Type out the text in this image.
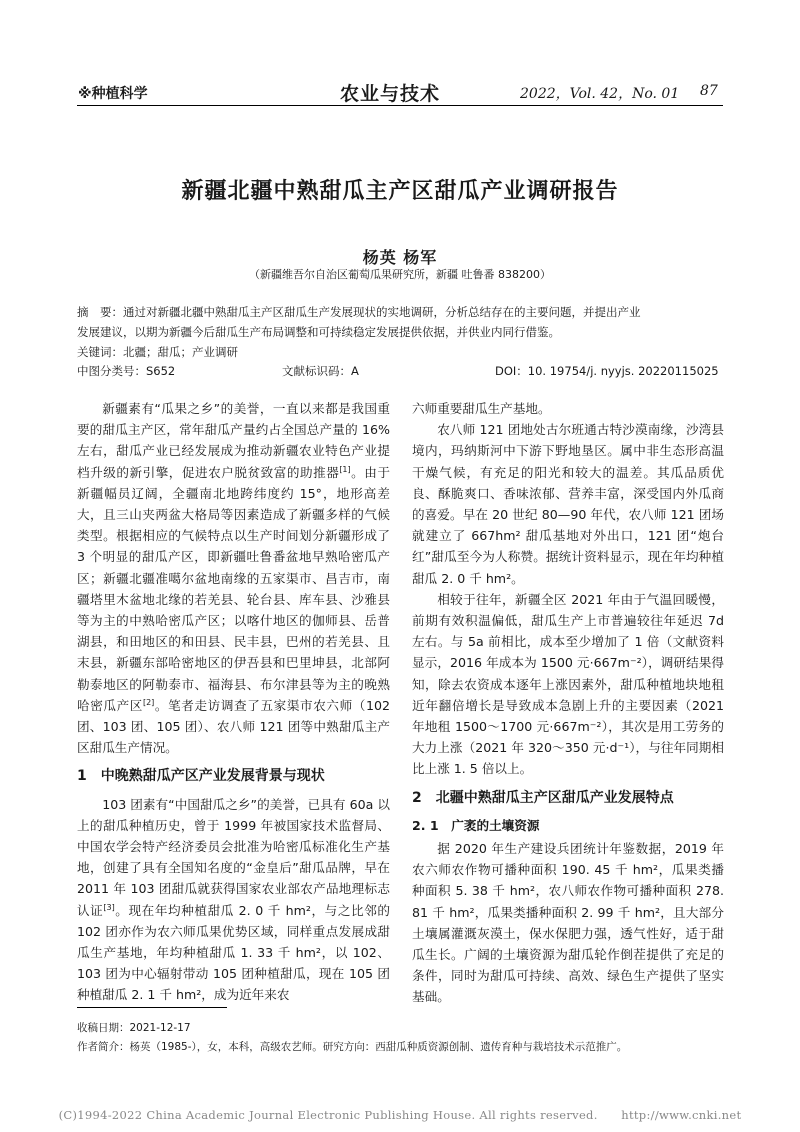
※种植科学	农业与技术	2022，Vol. 42，No. 01 87
新疆北疆中熟甜瓜主产区甜瓜产业调研报告
杨英 杨军
（新疆维吾尔自治区葡萄瓜果研究所，新疆 吐鲁番 838200）
摘　要：通过对新疆北疆中熟甜瓜主产区甜瓜生产发展现状的实地调研，分析总结存在的主要问题，并提出产业
发展建议，以期为新疆今后甜瓜生产布局调整和可持续稳定发展提供依据，并供业内同行借鉴。
关键词：北疆；甜瓜；产业调研
中图分类号：S652	文献标识码：A	DOI：10. 19754/j. nyyjs. 20220115025

新疆素有“瓜果之乡”的美誉，一直以来都是我国重要的甜瓜主产区，常年甜瓜产量约占全国总产量的 16%左右，甜瓜产业已经发展成为推动新疆农业特色产业提档升级的新引擎，促进农户脱贫致富的助推器[1]。由于新疆幅员辽阔，全疆南北地跨纬度约 15°，地形高差大，且三山夹两盆大格局等因素造成了新疆多样的气候类型。根据相应的气候特点以生产时间划分新疆形成了 3 个明显的甜瓜产区，即新疆吐鲁番盆地早熟哈密瓜产区；新疆北疆准噶尔盆地南缘的五家渠市、昌吉市，南疆塔里木盆地北缘的若羌县、轮台县、库车县、沙雅县等为主的中熟哈密瓜产区；以喀什地区的伽师县、岳普湖县，和田地区的和田县、民丰县，巴州的若羌县、且末县，新疆东部哈密地区的伊吾县和巴里坤县，北部阿勒泰地区的阿勒泰市、福海县、布尔津县等为主的晚熟哈密瓜产区[2]。笔者走访调查了五家渠市农六师（102 团、103 团、105 团）、农八师 121 团等中熟甜瓜主产区甜瓜生产情况。

1　中晚熟甜瓜产区产业发展背景与现状

103 团素有“中国甜瓜之乡”的美誉，已具有 60a 以上的甜瓜种植历史，曾于 1999 年被国家技术监督局、中国农学会特产经济委员会批准为哈密瓜标准化生产基地，创建了具有全国知名度的“金皇后”甜瓜品牌，早在 2011 年 103 团甜瓜就获得国家农业部农产品地理标志认证[3]。现在年均种植甜瓜 2. 0 千 hm²，与之比邻的 102 团亦作为农六师瓜果优势区域，同样重点发展成甜瓜生产基地，年均种植甜瓜 1. 33 千 hm²，以 102、103 团为中心辐射带动 105 团种植甜瓜，现在 105 团种植甜瓜 2. 1 千 hm²，成为近年来农

六师重要甜瓜生产基地。

农八师 121 团地处古尔班通古特沙漠南缘，沙湾县境内，玛纳斯河中下游下野地垦区。属中非生态形高温干燥气候，有充足的阳光和较大的温差。其瓜品质优良、酥脆爽口、香味浓郁、营养丰富，深受国内外瓜商的喜爱。早在 20 世纪 80—90 年代，农八师 121 团场就建立了 667hm² 甜瓜基地对外出口，121 团“炮台红”甜瓜至今为人称赞。据统计资料显示，现在年均种植甜瓜 2. 0 千 hm²。

相较于往年，新疆全区 2021 年由于气温回暖慢，前期有效积温偏低，甜瓜生产上市普遍较往年延迟 7d 左右。与 5a 前相比，成本至少增加了 1 倍（文献资料显示，2016 年成本为 1500 元·667m⁻²），调研结果得知，除去农资成本逐年上涨因素外，甜瓜种植地块地租近年翻倍增长是导致成本急剧上升的主要因素（2021 年地租 1500～1700 元·667m⁻²），其次是用工劳务的大力上涨（2021 年 320～350 元·d⁻¹），与往年同期相比上涨 1. 5 倍以上。

2　北疆中熟甜瓜主产区甜瓜产业发展特点
2. 1　广袤的土壤资源

据 2020 年生产建设兵团统计年鉴数据，2019 年农六师农作物可播种面积 190. 45 千 hm²，瓜果类播种面积 5. 38 千 hm²，农八师农作物可播种面积 278. 81 千 hm²，瓜果类播种面积 2. 99 千 hm²，且大部分土壤属灌溉灰漠土，保水保肥力强，透气性好，适于甜瓜生长。广阔的土壤资源为甜瓜轮作倒茬提供了充足的条件，同时为甜瓜可持续、高效、绿色生产提供了坚实基础。

收稿日期：2021-12-17
作者简介：杨英（1985-），女，本科，高级农艺师。研究方向：西甜瓜种质资源创制、遗传育种与栽培技术示范推广。
(C)1994-2022 China Academic Journal Electronic Publishing House. All rights reserved.　　http://www.cnki.net
